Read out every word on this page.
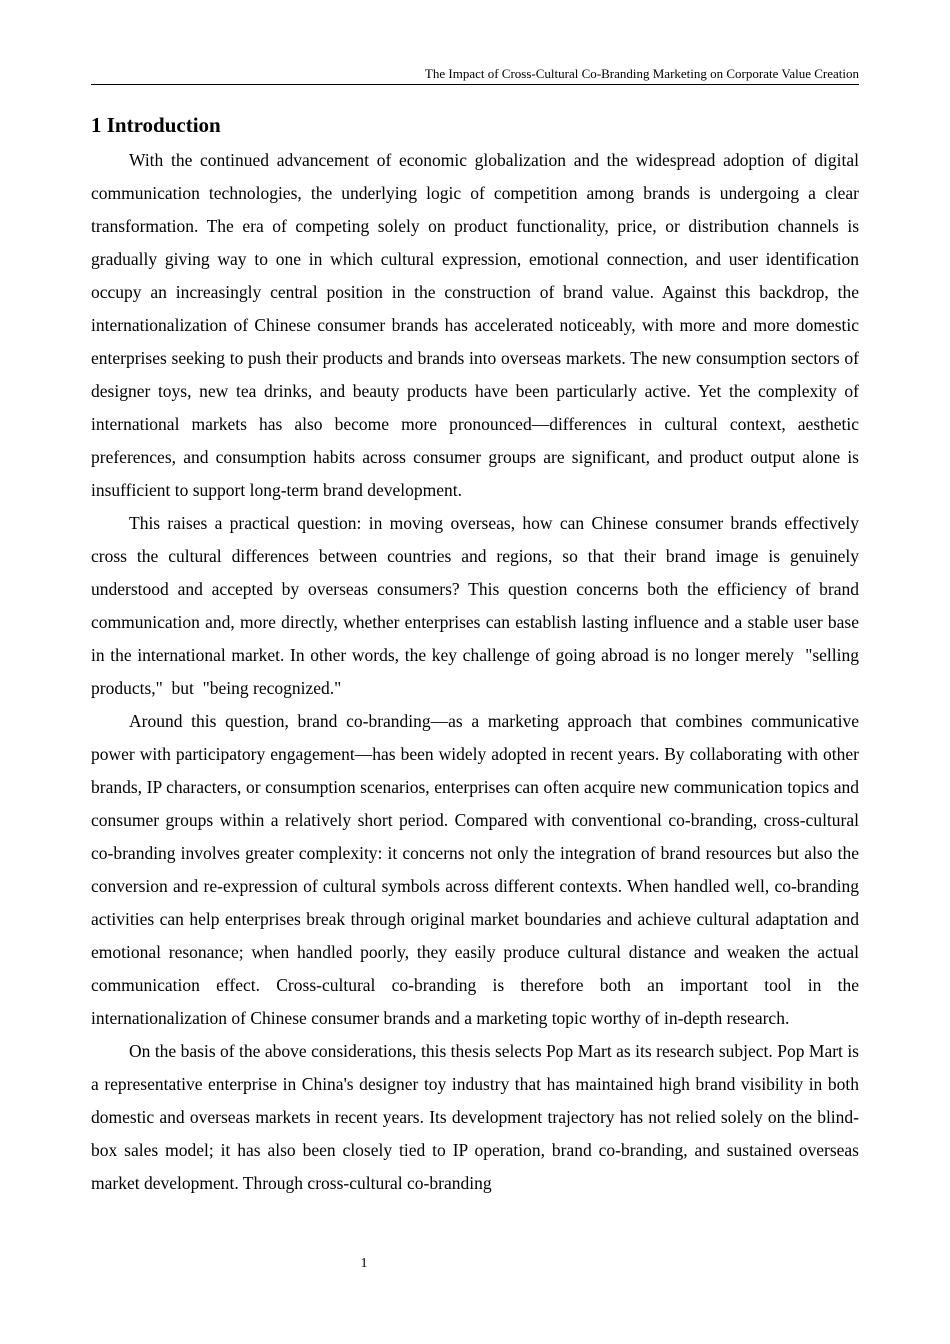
The Impact of Cross-Cultural Co-Branding Marketing on Corporate Value Creation
1 Introduction

With the continued advancement of economic globalization and the widespread adoption of digital communication technologies, the underlying logic of competition among brands is undergoing a clear transformation. The era of competing solely on product functionality, price, or distribution channels is gradually giving way to one in which cultural expression, emotional connection, and user identification occupy an increasingly central position in the construction of brand value. Against this backdrop, the internationalization of Chinese consumer brands has accelerated noticeably, with more and more domestic enterprises seeking to push their products and brands into overseas markets. The new consumption sectors of designer toys, new tea drinks, and beauty products have been particularly active. Yet the complexity of international markets has also become more pronounced—differences in cultural context, aesthetic preferences, and consumption habits across consumer groups are significant, and product output alone is insufficient to support long-term brand development.

This raises a practical question: in moving overseas, how can Chinese consumer brands effectively cross the cultural differences between countries and regions, so that their brand image is genuinely understood and accepted by overseas consumers? This question concerns both the efficiency of brand communication and, more directly, whether enterprises can establish lasting influence and a stable user base in the international market. In other words, the key challenge of going abroad is no longer merely  "selling products,"  but  "being recognized."

Around this question, brand co-branding—as a marketing approach that combines communicative power with participatory engagement—has been widely adopted in recent years. By collaborating with other brands, IP characters, or consumption scenarios, enterprises can often acquire new communication topics and consumer groups within a relatively short period. Compared with conventional co-branding, cross-cultural co-branding involves greater complexity: it concerns not only the integration of brand resources but also the conversion and re-expression of cultural symbols across different contexts. When handled well, co-branding activities can help enterprises break through original market boundaries and achieve cultural adaptation and emotional resonance; when handled poorly, they easily produce cultural distance and weaken the actual communication effect. Cross-cultural co-branding is therefore both an important tool in the internationalization of Chinese consumer brands and a marketing topic worthy of in-depth research.

On the basis of the above considerations, this thesis selects Pop Mart as its research subject. Pop Mart is a representative enterprise in China's designer toy industry that has maintained high brand visibility in both domestic and overseas markets in recent years. Its development trajectory has not relied solely on the blind-box sales model; it has also been closely tied to IP operation, brand co-branding, and sustained overseas market development. Through cross-cultural co-branding

1
